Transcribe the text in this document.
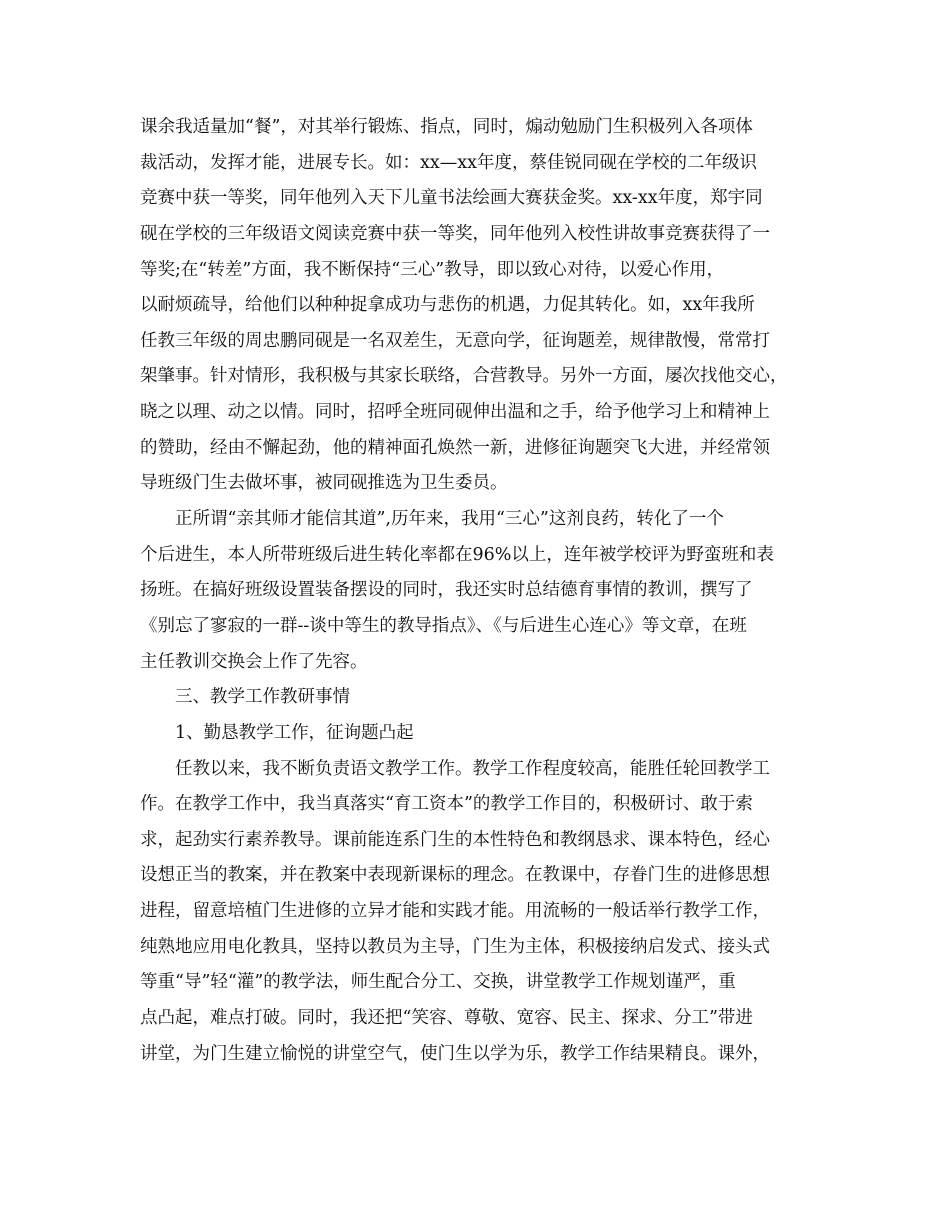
课余我适量加“餐”，对其举行锻炼、指点，同时，煽动勉励门生积极列入各项体
裁活动，发挥才能，进展专长。如：xx—xx年度，蔡佳锐同砚在学校的二年级识
竞赛中获一等奖，同年他列入天下儿童书法绘画大赛获金奖。xx-xx年度，郑宇同
砚在学校的三年级语文阅读竞赛中获一等奖，同年他列入校性讲故事竞赛获得了一
等奖;在“转差”方面，我不断保持“三心”教导，即以致心对待，以爱心作用，
以耐烦疏导，给他们以种种捉拿成功与悲伤的机遇，力促其转化。如，xx年我所
任教三年级的周忠鹏同砚是一名双差生，无意向学，征询题差，规律散慢，常常打
架肇事。针对情形，我积极与其家长联络，合营教导。另外一方面，屡次找他交心，
晓之以理、动之以情。同时，招呼全班同砚伸出温和之手，给予他学习上和精神上
的赞助，经由不懈起劲，他的精神面孔焕然一新，进修征询题突飞大进，并经常领
导班级门生去做坏事，被同砚推选为卫生委员。
正所谓“亲其师才能信其道”,历年来，我用“三心”这剂良药，转化了一个
个后进生，本人所带班级后进生转化率都在96%以上，连年被学校评为野蛮班和表
扬班。在搞好班级设置装备摆设的同时，我还实时总结德育事情的教训，撰写了
《别忘了寥寂的一群--谈中等生的教导指点》、《与后进生心连心》等文章，在班
主任教训交换会上作了先容。
三、教学工作教研事情
1、勤恳教学工作，征询题凸起
任教以来，我不断负责语文教学工作。教学工作程度较高，能胜任轮回教学工
作。在教学工作中，我当真落实“育工资本”的教学工作目的，积极研讨、敢于索
求，起劲实行素养教导。课前能连系门生的本性特色和教纲恳求、课本特色，经心
设想正当的教案，并在教案中表现新课标的理念。在教课中，存眷门生的进修思想
进程，留意培植门生进修的立异才能和实践才能。用流畅的一般话举行教学工作，
纯熟地应用电化教具，坚持以教员为主导，门生为主体，积极接纳启发式、接头式
等重“导”轻“灌”的教学法，师生配合分工、交换，讲堂教学工作规划谨严，重
点凸起，难点打破。同时，我还把“笑容、尊敬、宽容、民主、探求、分工”带进
讲堂，为门生建立愉悦的讲堂空气，使门生以学为乐，教学工作结果精良。课外，
